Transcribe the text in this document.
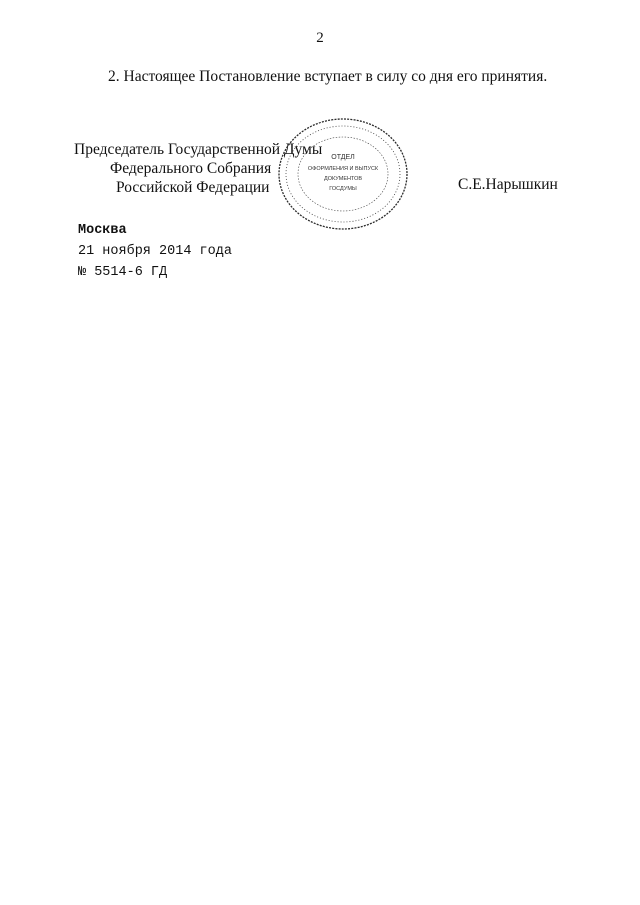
2
2. Настоящее Постановление вступает в силу со дня его принятия.
Председатель Государственной Думы
Федерального Собрания
Российской Федерации
ОТДЕЛ
ОФОРМЛЕНИЯ И ВЫПУСК
ДОКУМЕНТОВ
ГОСДУМЫ	С.Е.Нарышкин
Москва
21 ноября 2014 года
№ 5514-6 ГД
